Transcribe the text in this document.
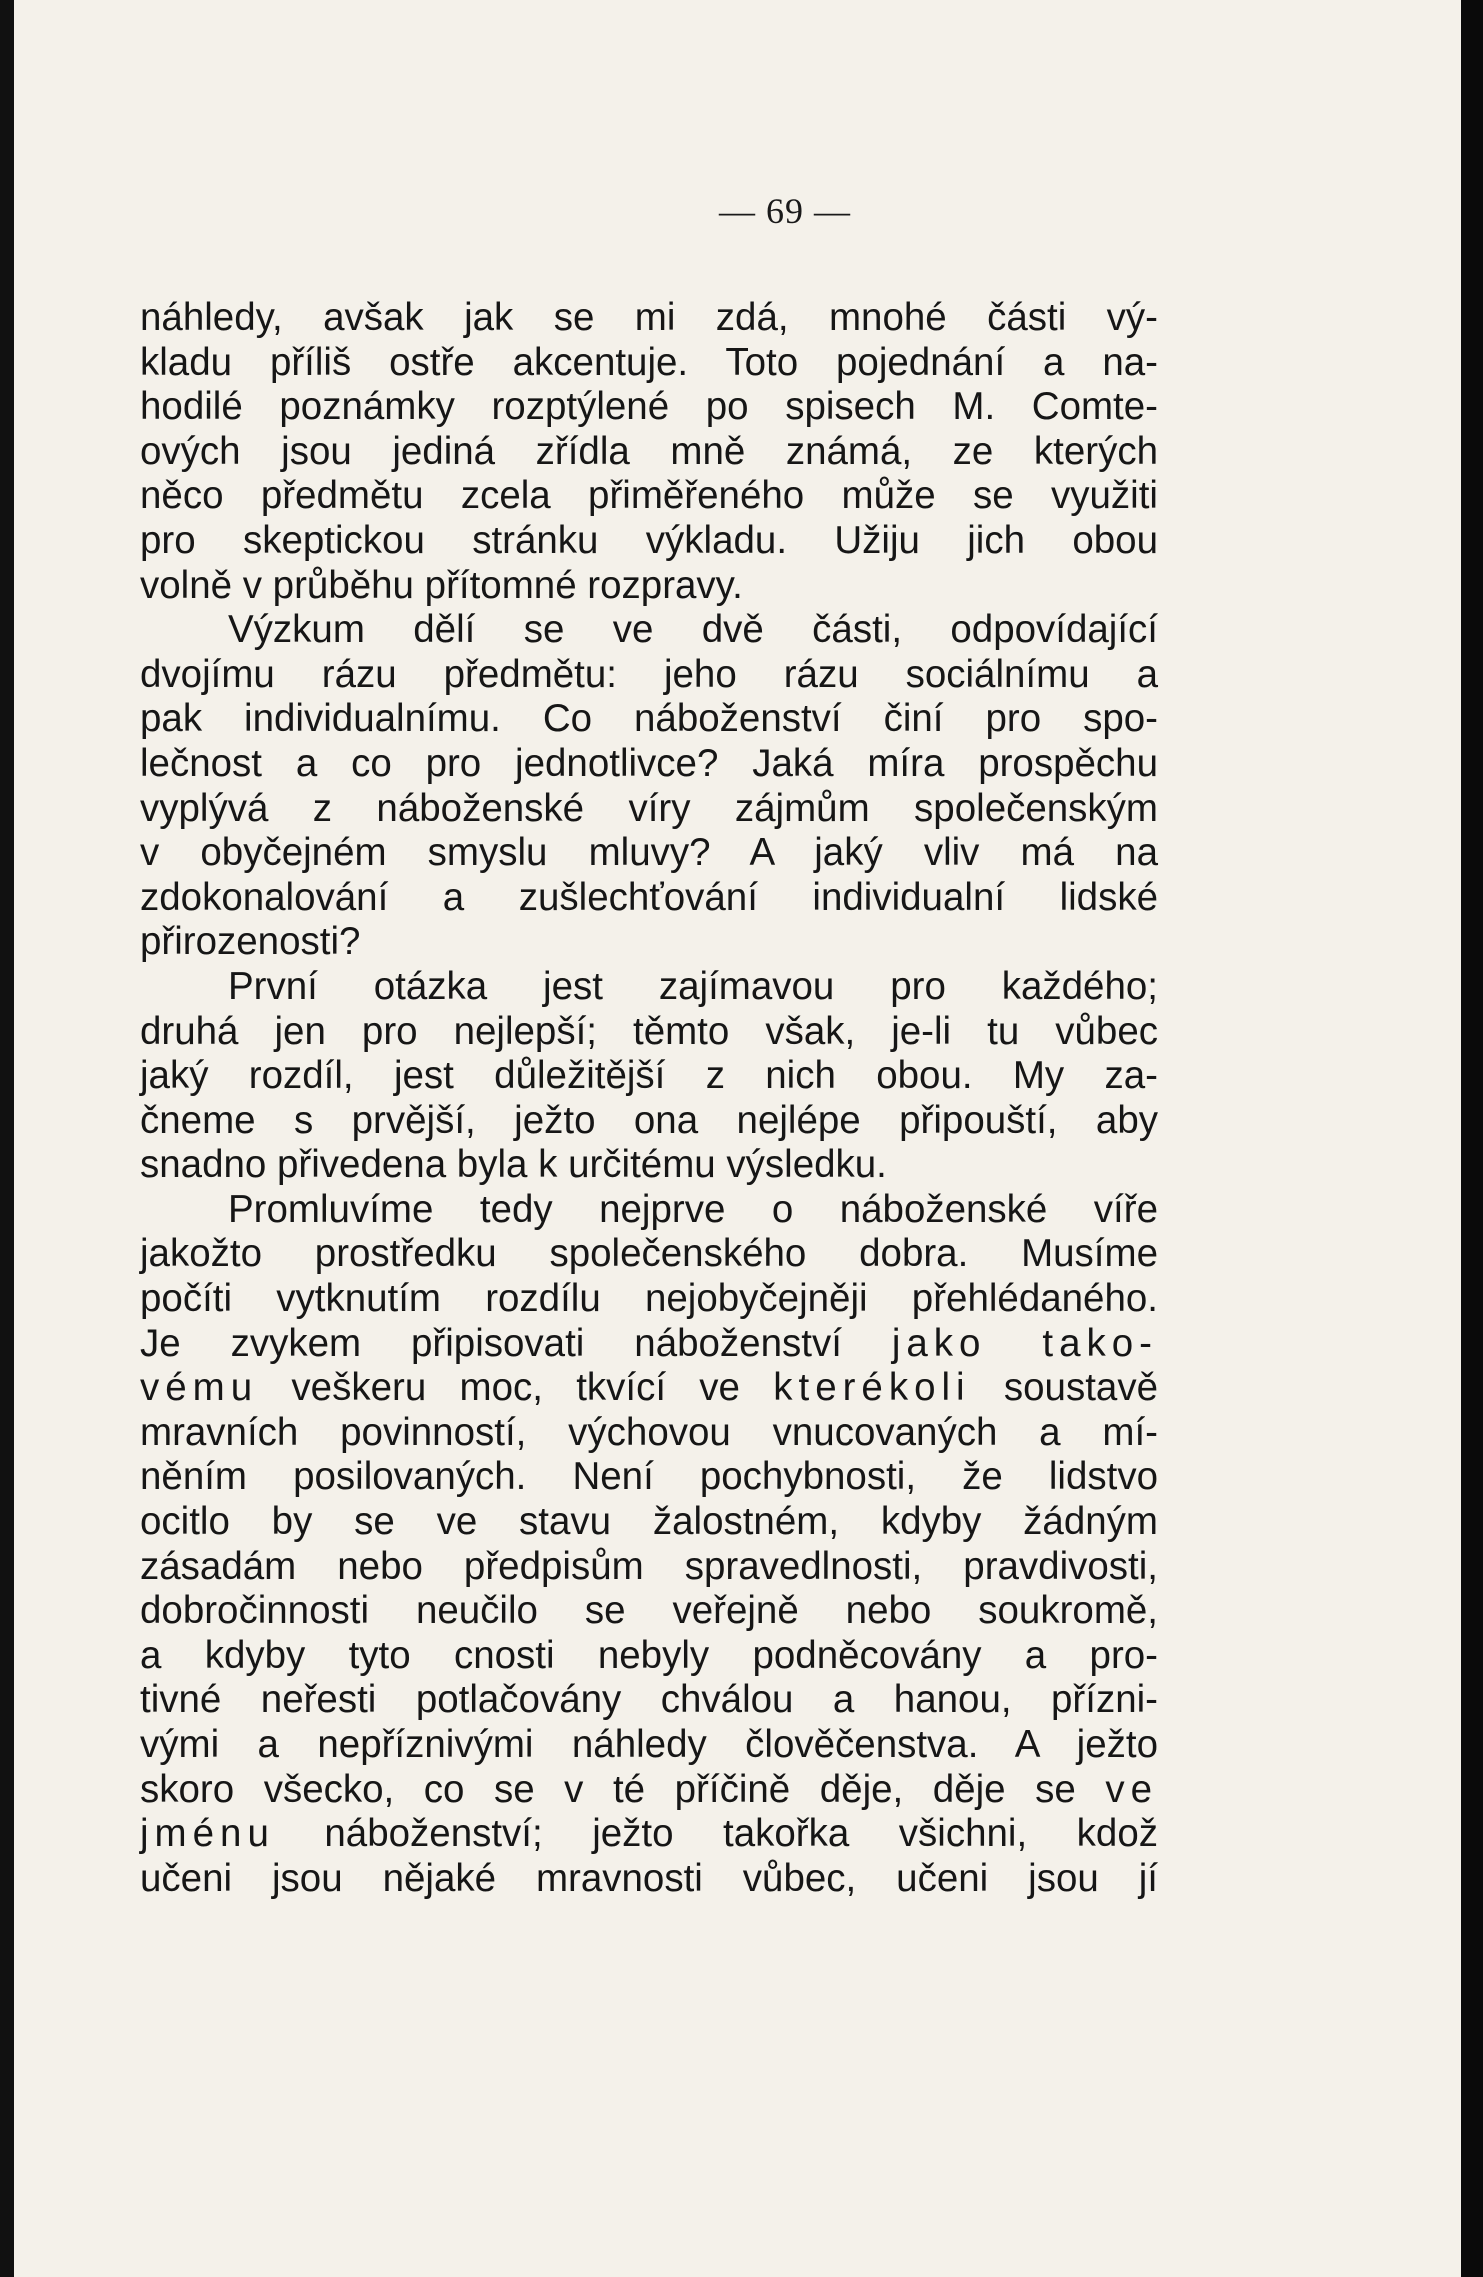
— 69 —
náhledy, avšak jak se mi zdá, mnohé části vý-
kladu příliš ostře akcentuje. Toto pojednání a na-
hodilé poznámky rozptýlené po spisech M. Comte-
ových jsou jediná zřídla mně známá, ze kterých
něco předmětu zcela přiměřeného může se využiti
pro skeptickou stránku výkladu. Užiju jich obou
volně v průběhu přítomné rozpravy.
Výzkum dělí se ve dvě části, odpovídající
dvojímu rázu předmětu: jeho rázu sociálnímu a
pak individualnímu. Co náboženství činí pro spo-
lečnost a co pro jednotlivce? Jaká míra prospěchu
vyplývá z náboženské víry zájmům společenským
v obyčejném smyslu mluvy? A jaký vliv má na
zdokonalování a zušlechťování individualní lidské
přirozenosti?
První otázka jest zajímavou pro každého;
druhá jen pro nejlepší; těmto však, je-li tu vůbec
jaký rozdíl, jest důležitější z nich obou. My za-
čneme s prvější, ježto ona nejlépe připouští, aby
snadno přivedena byla k určitému výsledku.
Promluvíme tedy nejprve o náboženské víře
jakožto prostředku společenského dobra. Musíme
počíti vytknutím rozdílu nejobyčejněji přehlédaného.
Je zvykem připisovati náboženství jako tako-
vému veškeru moc, tkvící ve kterékoli soustavě
mravních povinností, výchovou vnucovaných a mí-
něním posilovaných. Není pochybnosti, že lidstvo
ocitlo by se ve stavu žalostném, kdyby žádným
zásadám nebo předpisům spravedlnosti, pravdivosti,
dobročinnosti neučilo se veřejně nebo soukromě,
a kdyby tyto cnosti nebyly podněcovány a pro-
tivné neřesti potlačovány chválou a hanou, přízni-
vými a nepříznivými náhledy člověčenstva. A ježto
skoro všecko, co se v té příčině děje, děje se ve
jménu náboženství; ježto takořka všichni, kdož
učeni jsou nějaké mravnosti vůbec, učeni jsou jí
